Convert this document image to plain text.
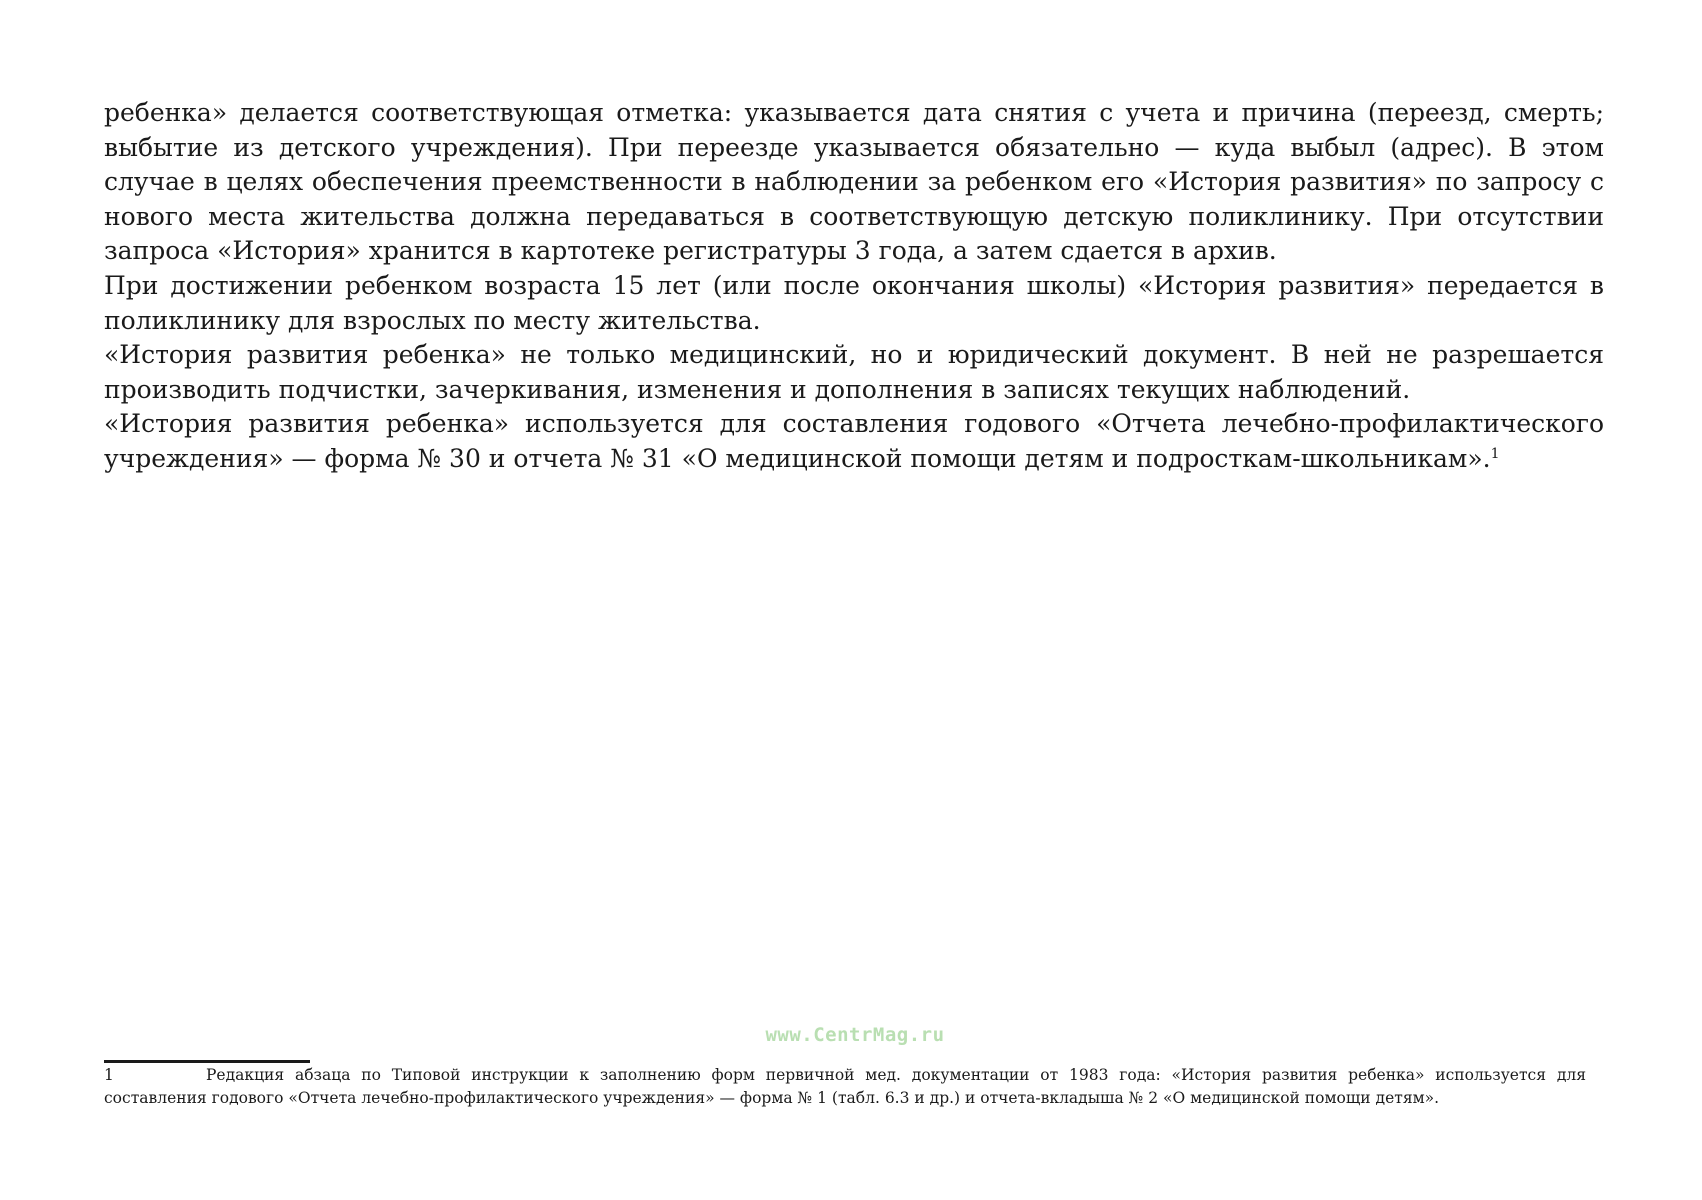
ребенка» делается соответствующая отметка: указывается дата снятия с учета и причина (переезд, смерть; выбытие из детского учреждения). При переезде указывается обязательно — куда выбыл (адрес). В этом случае в целях обеспечения преемственности в наблюдении за ребенком его «История развития» по запросу с нового места жительства должна передаваться в соответствующую детскую поликлинику. При отсутствии запроса «История» хранится в картотеке регистратуры 3 года, а затем сдается в архив.

При достижении ребенком возраста 15 лет (или после окончания школы) «История развития» передается в поликлинику для взрослых по месту жительства.

«История развития ребенка» не только медицинский, но и юридический документ. В ней не разрешается производить подчистки, зачеркивания, изменения и дополнения в записях текущих наблюдений.

«История развития ребенка» используется для составления годового «Отчета лечебно-профилактического учреждения» — форма № 30 и отчета № 31 «О медицинской помощи детям и подросткам-школьникам».$^1$

www.CentrMag.ru
1	Редакция абзаца по Типовой инструкции к заполнению форм первичной мед. документации от 1983 года: «История развития ребенка» используется для составления годового «Отчета лечебно-профилактического учреждения» — форма № 1 (табл. 6.3 и др.) и отчета-вкладыша № 2 «О медицинской помощи детям».
